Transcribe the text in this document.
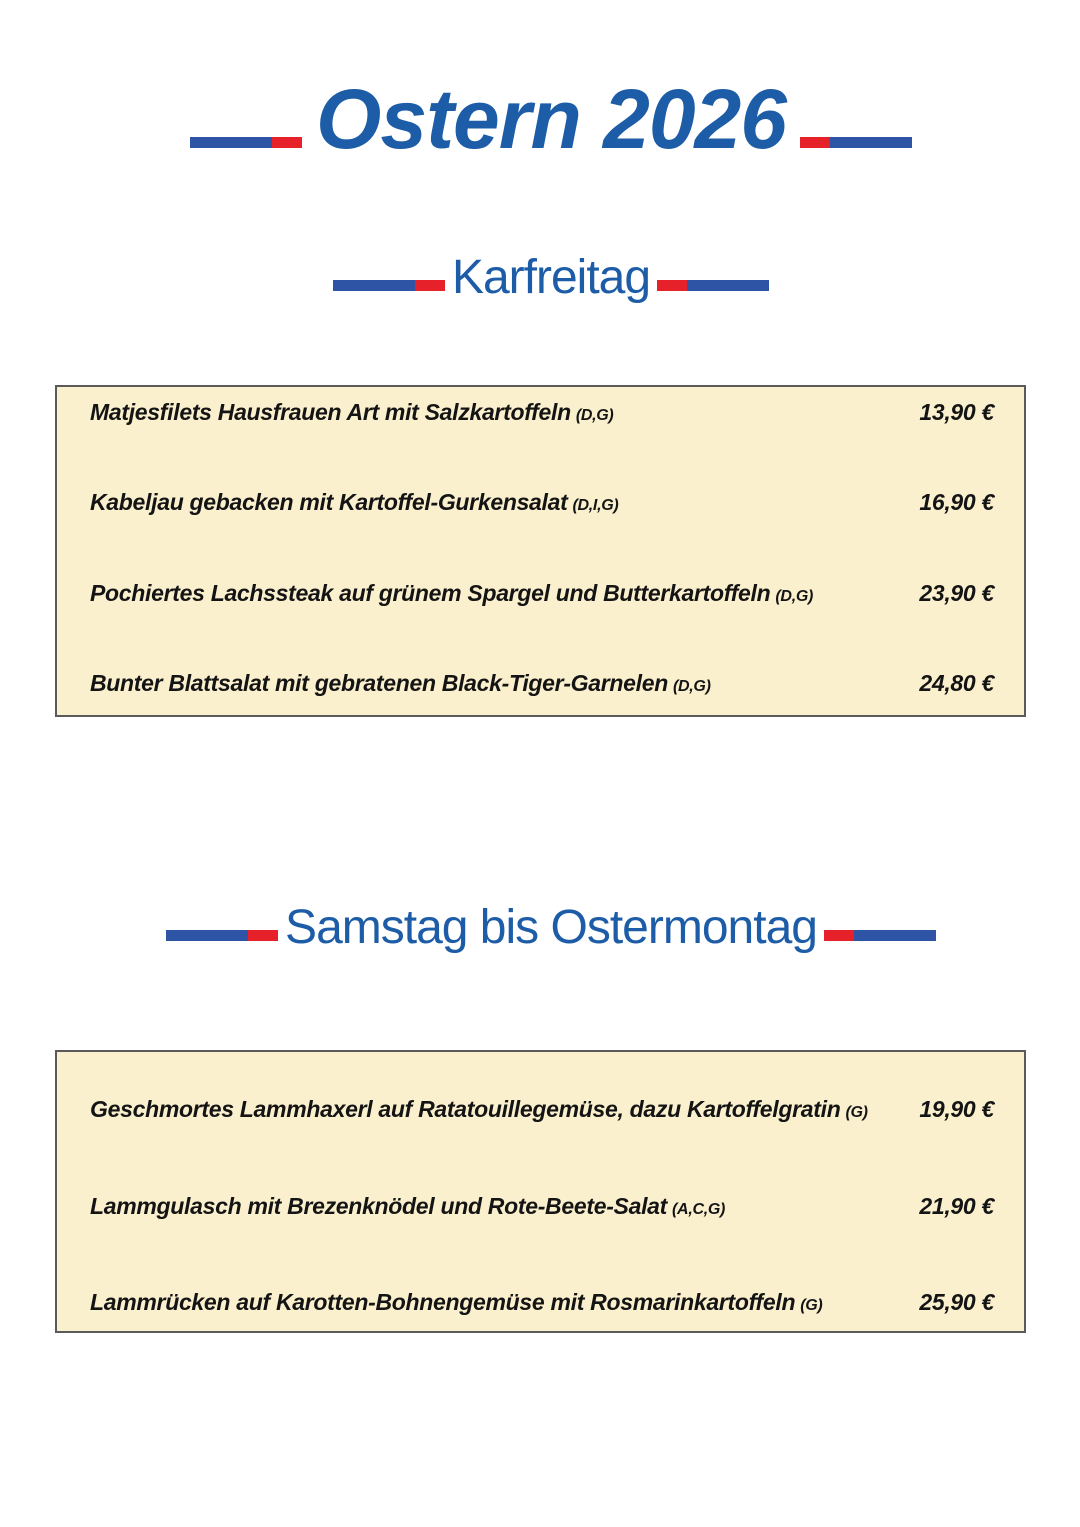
Ostern 2026
Karfreitag
Matjesfilets Hausfrauen Art mit Salzkartoffeln (D,G)	13,90 €
Kabeljau gebacken mit Kartoffel-Gurkensalat (D,I,G)	16,90 €
Pochiertes Lachssteak auf grünem Spargel und Butterkartoffeln (D,G)	23,90 €
Bunter Blattsalat mit gebratenen Black-Tiger-Garnelen (D,G)	24,80 €
Samstag bis Ostermontag
Geschmortes Lammhaxerl auf Ratatouillegemüse, dazu Kartoffelgratin (G) 19,90 €
Lammgulasch mit Brezenknödel und Rote-Beete-Salat (A,C,G)	21,90 €
Lammrücken auf Karotten-Bohnengemüse mit Rosmarinkartoffeln (G)	25,90 €
